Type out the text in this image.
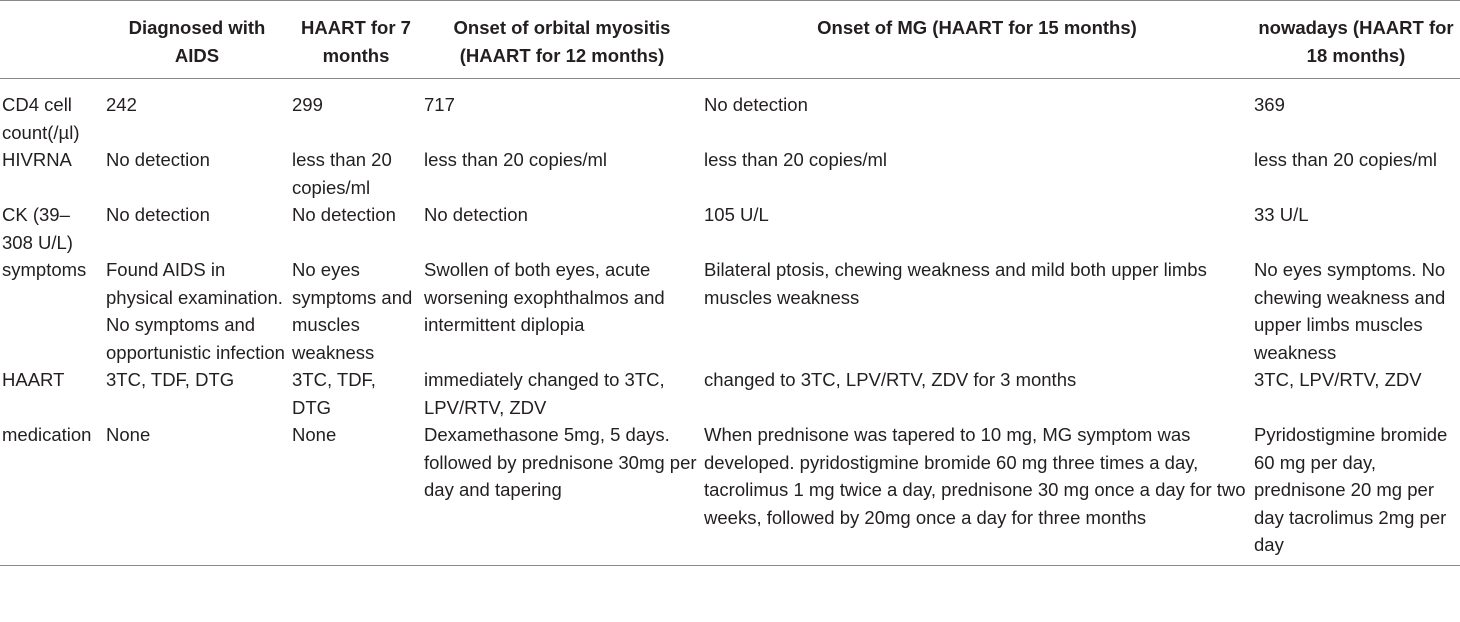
	Diagnosed with AIDS	HAART for 7 months	Onset of orbital myositis (HAART for 12 months)	Onset of MG (HAART for 15 months)	nowadays (HAART for 18 months)
CD4 cell count(/µl)	242	299	717	No detection	369
HIVRNA	No detection	less than 20 copies/ml	less than 20 copies/ml	less than 20 copies/ml	less than 20 copies/ml
CK (39–308 U/L)	No detection	No detection	No detection	105 U/L	33 U/L
symptoms	Found AIDS in physical examination. No symptoms and opportunistic infection	No eyes symptoms and muscles weakness	Swollen of both eyes, acute worsening exophthalmos and intermittent diplopia	Bilateral ptosis, chewing weakness and mild both upper limbs muscles weakness	No eyes symptoms. No chewing weakness and upper limbs muscles weakness
HAART	3TC, TDF, DTG	3TC, TDF, DTG	immediately changed to 3TC, LPV/RTV, ZDV	changed to 3TC, LPV/RTV, ZDV for 3 months	3TC, LPV/RTV, ZDV
medication	None	None	Dexamethasone 5mg, 5 days. followed by prednisone 30mg per day and tapering	When prednisone was tapered to 10 mg, MG symptom was developed. pyridostigmine bromide 60 mg three times a day, tacrolimus 1 mg twice a day, prednisone 30 mg once a day for two weeks, followed by 20mg once a day for three months	Pyridostigmine bromide 60 mg per day, prednisone 20 mg per day tacrolimus 2mg per day
